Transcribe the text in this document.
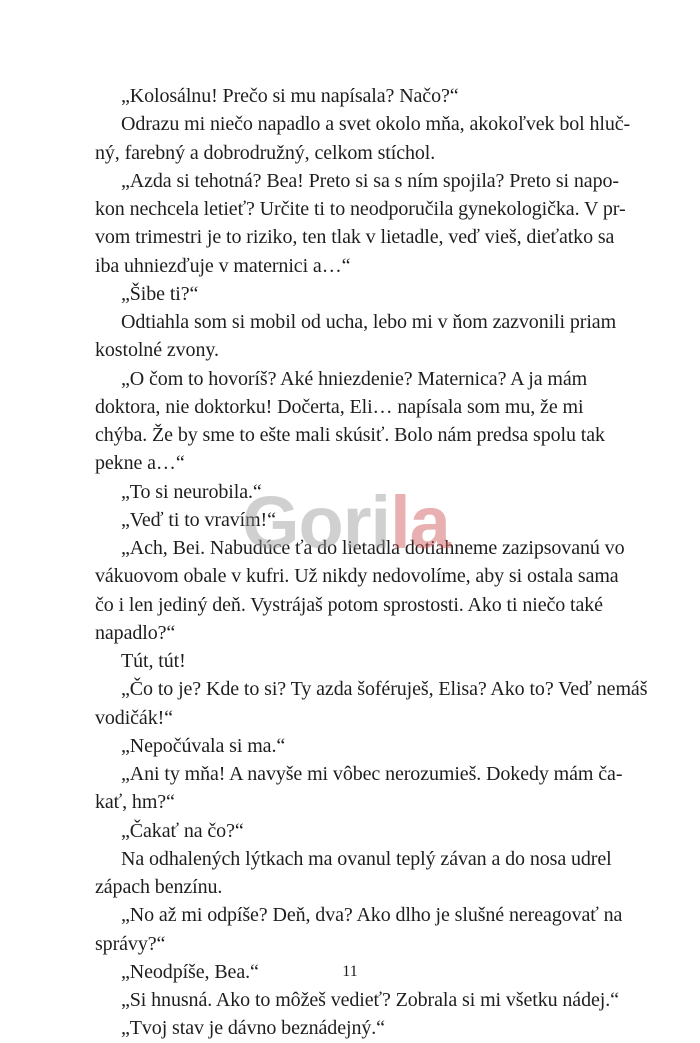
„Kolosálnu! Prečo si mu napísala? Načo?“
Odrazu mi niečo napadlo a svet okolo mňa, akokoľvek bol hluč-
ný, farebný a dobrodružný, celkom stíchol.
„Azda si tehotná? Bea! Preto si sa s ním spojila? Preto si napo-
kon nechcela letieť? Určite ti to neodporučila gynekologička. V pr-
vom trimestri je to riziko, ten tlak v lietadle, veď vieš, dieťatko sa
iba uhniezďuje v maternici a…“
„Šibe ti?“
Odtiahla som si mobil od ucha, lebo mi v ňom zazvonili priam
kostolné zvony.
„O čom to hovoríš? Aké hniezdenie? Maternica? A ja mám
doktora, nie doktorku! Dočerta, Eli… napísala som mu, že mi
chýba. Že by sme to ešte mali skúsiť. Bolo nám predsa spolu tak
pekne a…“
„To si neurobila.“
„Veď ti to vravím!“
„Ach, Bei. Nabudúce ťa do lietadla dotiahneme zazipsovanú vo
vákuovom obale v kufri. Už nikdy nedovolíme, aby si ostala sama
čo i len jediný deň. Vystrájaš potom sprostosti. Ako ti niečo také
napadlo?“
Tút, tút!
„Čo to je? Kde to si? Ty azda šoféruješ, Elisa? Ako to? Veď nemáš
vodičák!“
„Nepočúvala si ma.“
„Ani ty mňa! A navyše mi vôbec nerozumieš. Dokedy mám ča-
kať, hm?“
„Čakať na čo?“
Na odhalených lýtkach ma ovanul teplý závan a do nosa udrel
zápach benzínu.
„No až mi odpíše? Deň, dva? Ako dlho je slušné nereagovať na
správy?“
„Neodpíše, Bea.“
„Si hnusná. Ako to môžeš vedieť? Zobrala si mi všetku nádej.“
„Tvoj stav je dávno beznádejný.“
Gorila
11
